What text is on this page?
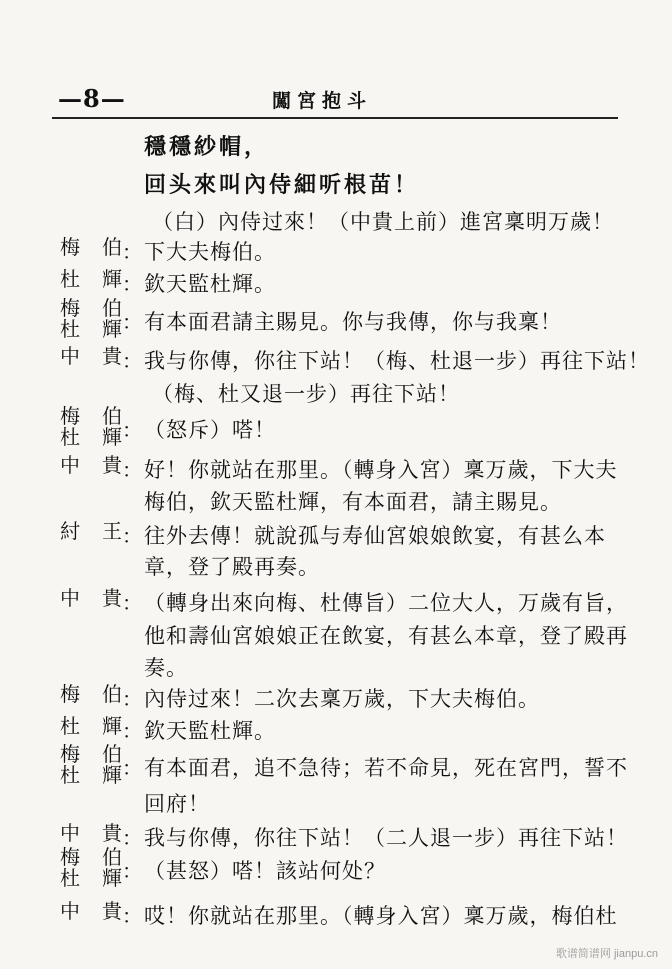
—8—	闖宮抱斗
穩穩紗帽，
回头來叫內侍細听根苗！
（白）內侍过來！（中貴上前）進宮稟明万歲！
梅 伯 ： 下大夫梅伯。
杜 輝 ： 欽天監杜輝。
梅 伯
杜 輝 ： 有本面君請主賜見。你与我傳，你与我稟！
中 貴 ： 我与你傳，你往下站！（梅、杜退一步）再往下站！
（梅、杜又退一步）再往下站！
梅 伯
杜 輝 ： （怒斥）嗒！
中 貴 ： 好！你就站在那里。（轉身入宮）稟万歲，下大夫
梅伯，欽天監杜輝，有本面君，請主賜見。
紂 王 ： 往外去傳！就說孤与寿仙宮娘娘飲宴，有甚么本
章，登了殿再奏。
中 貴 ： （轉身出來向梅、杜傳旨）二位大人，万歲有旨，
他和壽仙宮娘娘正在飲宴，有甚么本章，登了殿再
奏。
梅 伯 ： 內侍过來！二次去稟万歲，下大夫梅伯。
杜 輝 ： 欽天監杜輝。
梅 伯
杜 輝 ： 有本面君，追不急待；若不命見，死在宮門，誓不
回府！
中 貴 ： 我与你傳，你往下站！（二人退一步）再往下站！
梅 伯
杜 輝 ： （甚怒）嗒！該站何处？
中 貴 ： 哎！你就站在那里。（轉身入宮）稟万歲，梅伯杜
歌谱简谱网 jianpu.cn
